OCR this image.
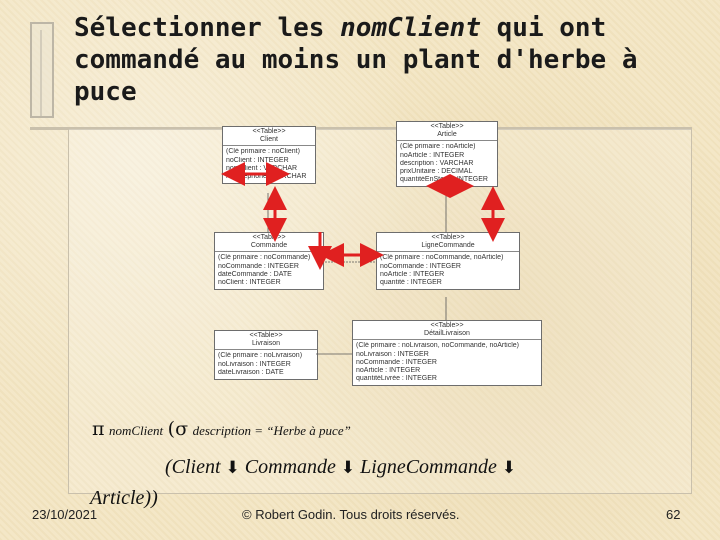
Sélectionner les nomClient qui ont commandé au moins un plant d'herbe à puce
<<Table>>
Client
(Clé primaire : noClient)
noClient : INTEGER
nomClient : VARCHAR
noTéléphone : VARCHAR
<<Table>>
Article
(Clé primaire : noArticle)
noArticle : INTEGER
description : VARCHAR
prixUnitaire : DECIMAL
quantitéEnStock : INTEGER
<<Table>>
Commande
(Clé primaire : noCommande)
noCommande : INTEGER
dateCommande : DATE
noClient : INTEGER
<<Table>>
LigneCommande
(Clé primaire : noCommande, noArticle)
noCommande : INTEGER
noArticle : INTEGER
quantité : INTEGER
<<Table>>
Livraison
(Clé primaire : noLivraison)
noLivraison : INTEGER
dateLivraison : DATE
<<Table>>
DétailLivraison
(Clé primaire : noLivraison, noCommande, noArticle)
noLivraison : INTEGER
noCommande : INTEGER
noArticle : INTEGER
quantitéLivrée : INTEGER
π nomClient (σ description = “Herbe à puce”
(Client ⬇ Commande ⬇ LigneCommande ⬇
Article))
23/10/2021	© Robert Godin. Tous droits réservés.	62
